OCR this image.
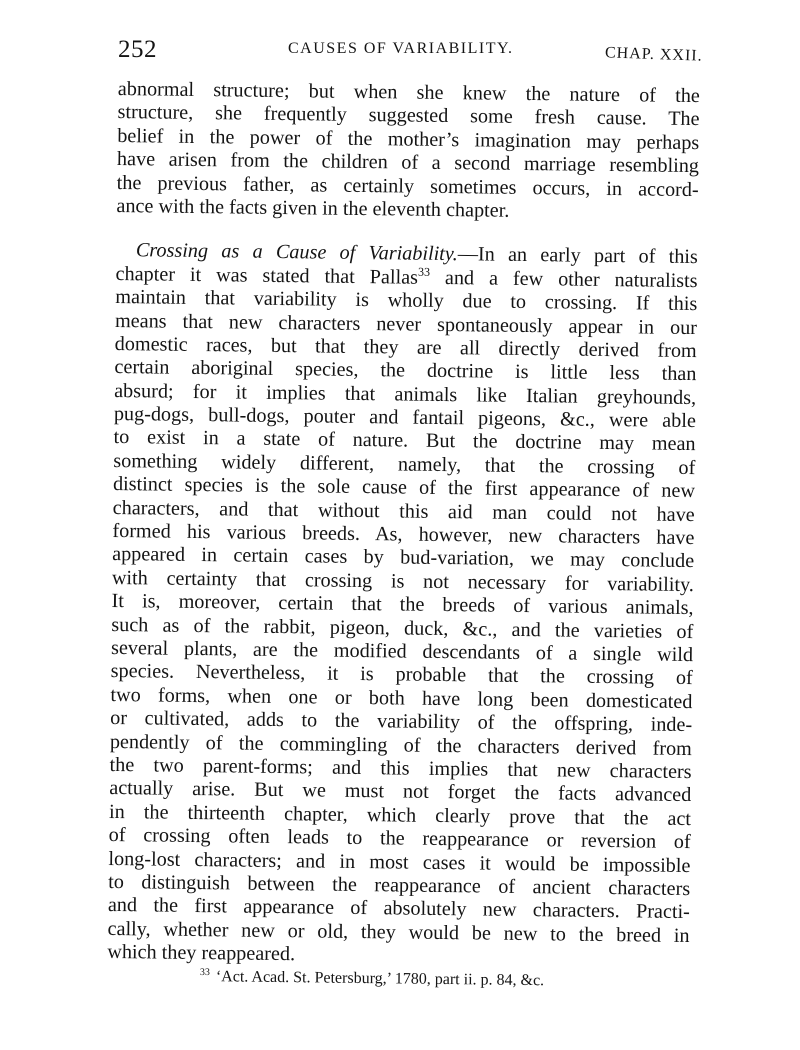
252	CAUSES OF VARIABILITY.	CHAP. XXII.
abnormal structure; but when she knew the nature of the
structure, she frequently suggested some fresh cause. The
belief in the power of the mother’s imagination may perhaps
have arisen from the children of a second marriage resembling
the previous father, as certainly sometimes occurs, in accord-
ance with the facts given in the eleventh chapter.
Crossing as a Cause of Variability.—In an early part of this
chapter it was stated that Pallas$^{33}$ and a few other naturalists
maintain that variability is wholly due to crossing. If this
means that new characters never spontaneously appear in our
domestic races, but that they are all directly derived from
certain aboriginal species, the doctrine is little less than
absurd; for it implies that animals like Italian greyhounds,
pug-dogs, bull-dogs, pouter and fantail pigeons, &c., were able
to exist in a state of nature. But the doctrine may mean
something widely different, namely, that the crossing of
distinct species is the sole cause of the first appearance of new
characters, and that without this aid man could not have
formed his various breeds. As, however, new characters have
appeared in certain cases by bud-variation, we may conclude
with certainty that crossing is not necessary for variability.
It is, moreover, certain that the breeds of various animals,
such as of the rabbit, pigeon, duck, &c., and the varieties of
several plants, are the modified descendants of a single wild
species. Nevertheless, it is probable that the crossing of
two forms, when one or both have long been domesticated
or cultivated, adds to the variability of the offspring, inde-
pendently of the commingling of the characters derived from
the two parent-forms; and this implies that new characters
actually arise. But we must not forget the facts advanced
in the thirteenth chapter, which clearly prove that the act
of crossing often leads to the reappearance or reversion of
long-lost characters; and in most cases it would be impossible
to distinguish between the reappearance of ancient characters
and the first appearance of absolutely new characters. Practi-
cally, whether new or old, they would be new to the breed in
which they reappeared.
$^{33}$ ‘Act. Acad. St. Petersburg,’ 1780, part ii. p. 84, &c.
